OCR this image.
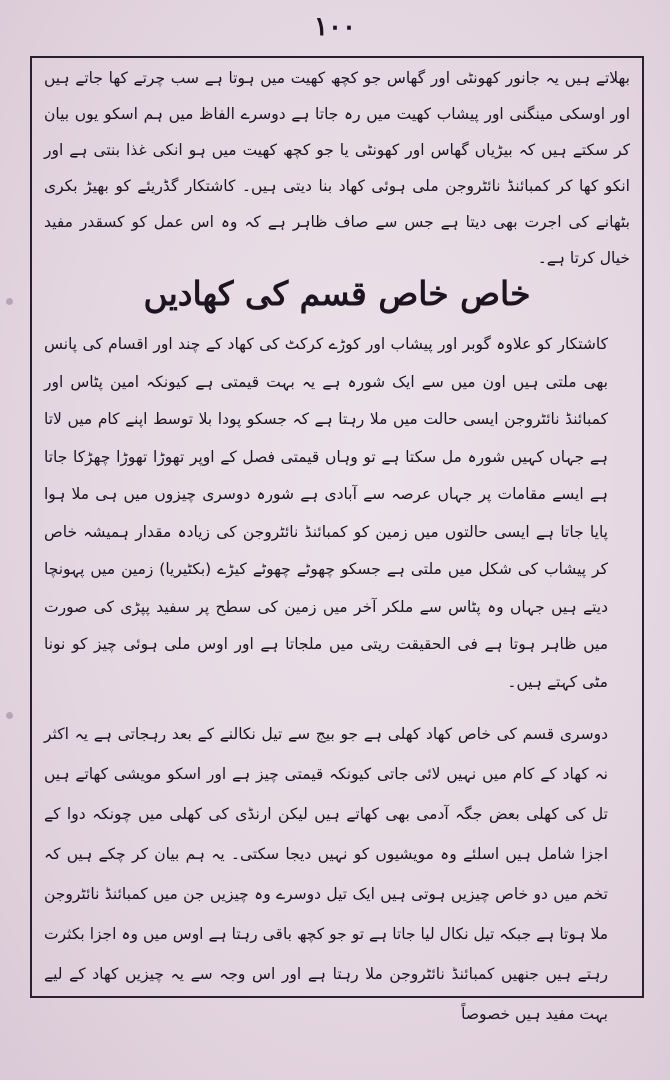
۱۰۰
بھلاتے ہیں یہ جانور کھونٹی اور گھاس جو کچھ کھیت میں ہوتا ہے سب چرتے کھا جاتے ہیں اور اوسکی مینگنی اور پیشاب کھیت میں رہ جاتا ہے دوسرے الفاظ میں ہم اسکو یوں بیان کر سکتے ہیں کہ بیڑیاں گھاس اور کھونٹی یا جو کچھ کھیت میں ہو انکی غذا بنتی ہے اور انکو کھا کر کمبائنڈ نائٹروجن ملی ہوئی کھاد بنا دیتی ہیں۔ کاشتکار گڈریئے کو بھیڑ بکری بٹھانے کی اجرت بھی دیتا ہے جس سے صاف ظاہر ہے کہ وہ اس عمل کو کسقدر مفید خیال کرتا ہے۔
خاص خاص قسم کی کھادیں
کاشتکار کو علاوہ گوبر اور پیشاب اور کوڑے کرکٹ کی کھاد کے چند اور اقسام کی پانس بھی ملتی ہیں اون میں سے ایک شورہ ہے یہ بہت قیمتی ہے کیونکہ امین پٹاس اور کمبائنڈ نائٹروجن ایسی حالت میں ملا رہتا ہے کہ جسکو پودا بلا توسط اپنے کام میں لاتا ہے جہاں کہیں شورہ مل سکتا ہے تو وہاں قیمتی فصل کے اوپر تھوڑا تھوڑا چھڑکا جاتا ہے ایسے مقامات پر جہاں عرصہ سے آبادی ہے شورہ دوسری چیزوں میں ہی ملا ہوا پایا جاتا ہے ایسی حالتوں میں زمین کو کمبائنڈ نائٹروجن کی زیادہ مقدار ہمیشہ خاص کر پیشاب کی شکل میں ملتی ہے جسکو چھوٹے چھوٹے کیڑے (بکٹیریا) زمین میں پہونچا دیتے ہیں جہاں وہ پٹاس سے ملکر آخر میں زمین کی سطح پر سفید پپڑی کی صورت میں ظاہر ہوتا ہے فی الحقیقت ریتی میں ملجاتا ہے اور اوس ملی ہوئی چیز کو نونا مٹی کہتے ہیں۔
دوسری قسم کی خاص کھاد کھلی ہے جو بیج سے تیل نکالنے کے بعد رہجاتی ہے یہ اکثر نہ کھاد کے کام میں نہیں لائی جاتی کیونکہ قیمتی چیز ہے اور اسکو مویشی کھاتے ہیں تل کی کھلی بعض جگہ آدمی بھی کھاتے ہیں لیکن ارنڈی کی کھلی میں چونکہ دوا کے اجزا شامل ہیں اسلئے وہ مویشیوں کو نہیں دیجا سکتی۔ یہ ہم بیان کر چکے ہیں کہ تخم میں دو خاص چیزیں ہوتی ہیں ایک تیل دوسرے وہ چیزیں جن میں کمبائنڈ نائٹروجن ملا ہوتا ہے جبکہ تیل نکال لیا جاتا ہے تو جو کچھ باقی رہتا ہے اوس میں وہ اجزا بکثرت رہتے ہیں جنھیں کمبائنڈ نائٹروجن ملا رہتا ہے اور اس وجہ سے یہ چیزیں کھاد کے لیے بہت مفید ہیں خصوصاً
